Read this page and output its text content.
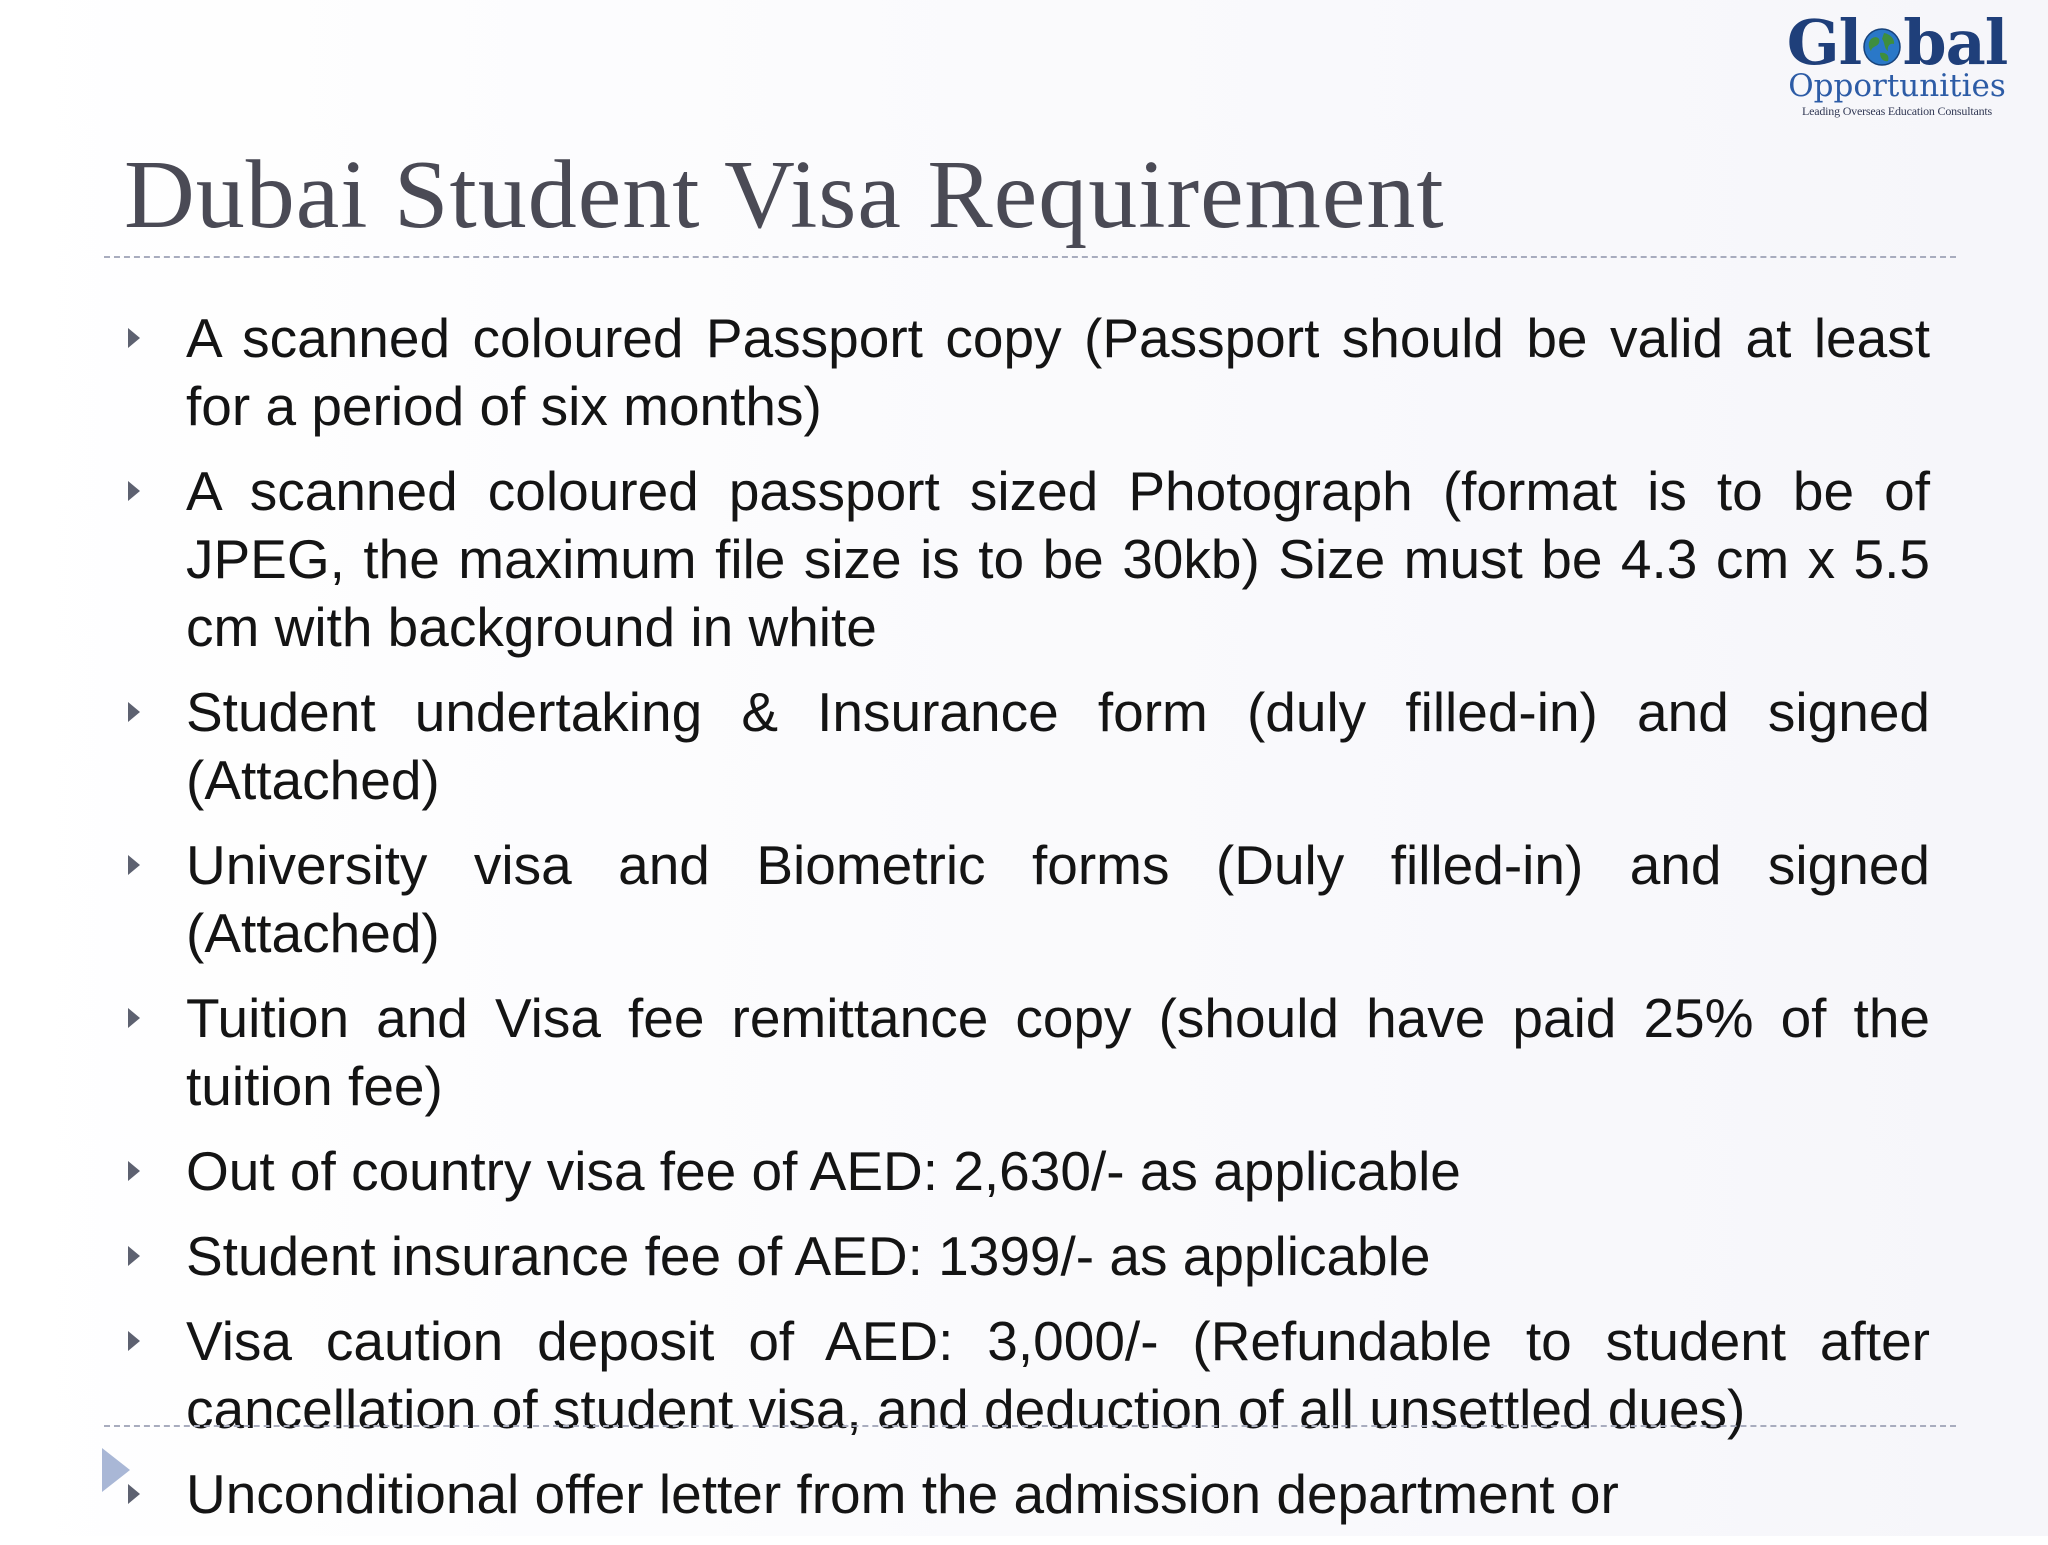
Gl bal
Opportunities
Leading Overseas Education Consultants
Dubai Student Visa Requirement
A scanned coloured Passport copy (Passport should be valid at least for a period of six months)
A scanned coloured passport sized Photograph (format is to be of JPEG, the maximum file size is to be 30kb) Size must be 4.3 cm x 5.5 cm with background in white
Student undertaking & Insurance form (duly filled-in) and signed (Attached)
University visa and Biometric forms (Duly filled-in) and signed (Attached)
Tuition and Visa fee remittance copy (should have paid 25% of the tuition fee)
Out of country visa fee of AED: 2,630/- as applicable
Student insurance fee of AED: 1399/- as applicable
Visa caution deposit of AED: 3,000/- (Refundable to student after cancellation of student visa, and deduction of all unsettled dues)
Unconditional offer letter from the admission department or
